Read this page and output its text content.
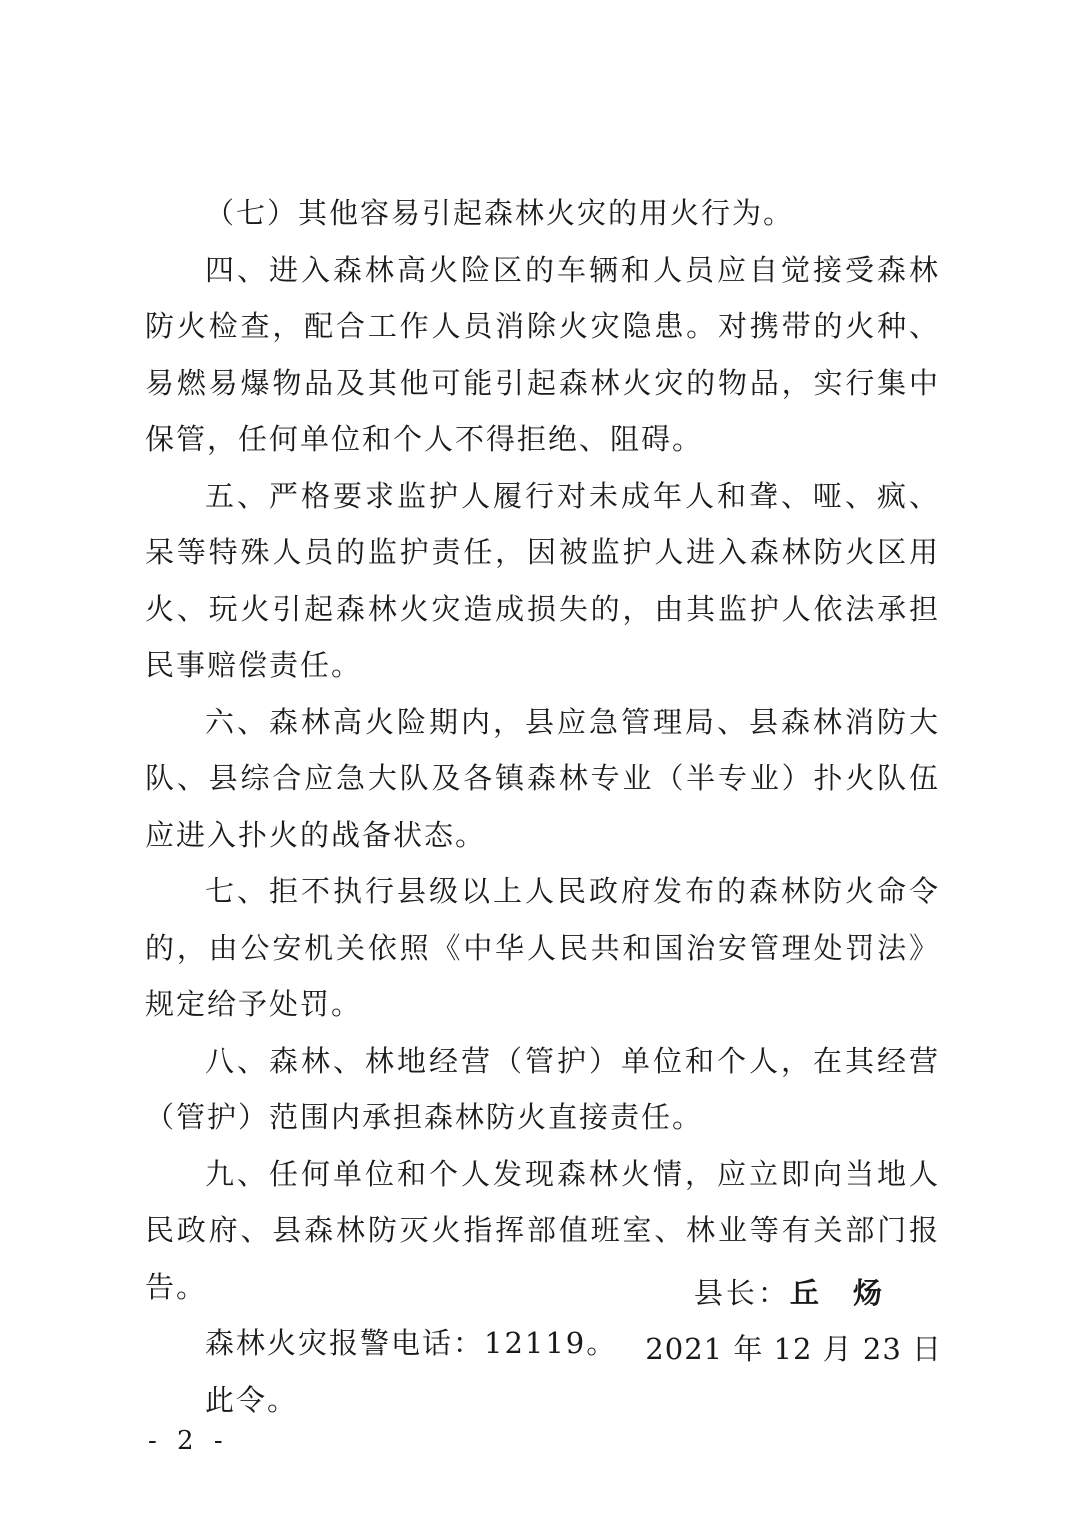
（七）其他容易引起森林火灾的用火行为。

四、进入森林高火险区的车辆和人员应自觉接受森林防火检查，配合工作人员消除火灾隐患。对携带的火种、易燃易爆物品及其他可能引起森林火灾的物品，实行集中保管，任何单位和个人不得拒绝、阻碍。

五、严格要求监护人履行对未成年人和聋、哑、疯、呆等特殊人员的监护责任，因被监护人进入森林防火区用火、玩火引起森林火灾造成损失的，由其监护人依法承担民事赔偿责任。

六、森林高火险期内，县应急管理局、县森林消防大队、县综合应急大队及各镇森林专业（半专业）扑火队伍应进入扑火的战备状态。

七、拒不执行县级以上人民政府发布的森林防火命令的，由公安机关依照《中华人民共和国治安管理处罚法》规定给予处罚。

八、森林、林地经营（管护）单位和个人，在其经营（管护）范围内承担森林防火直接责任。

九、任何单位和个人发现森林火情，应立即向当地人民政府、县森林防灭火指挥部值班室、林业等有关部门报告。

森林火灾报警电话：12119。

此令。

县长：丘 炀

2021 年 12 月 23 日

- 2 -
